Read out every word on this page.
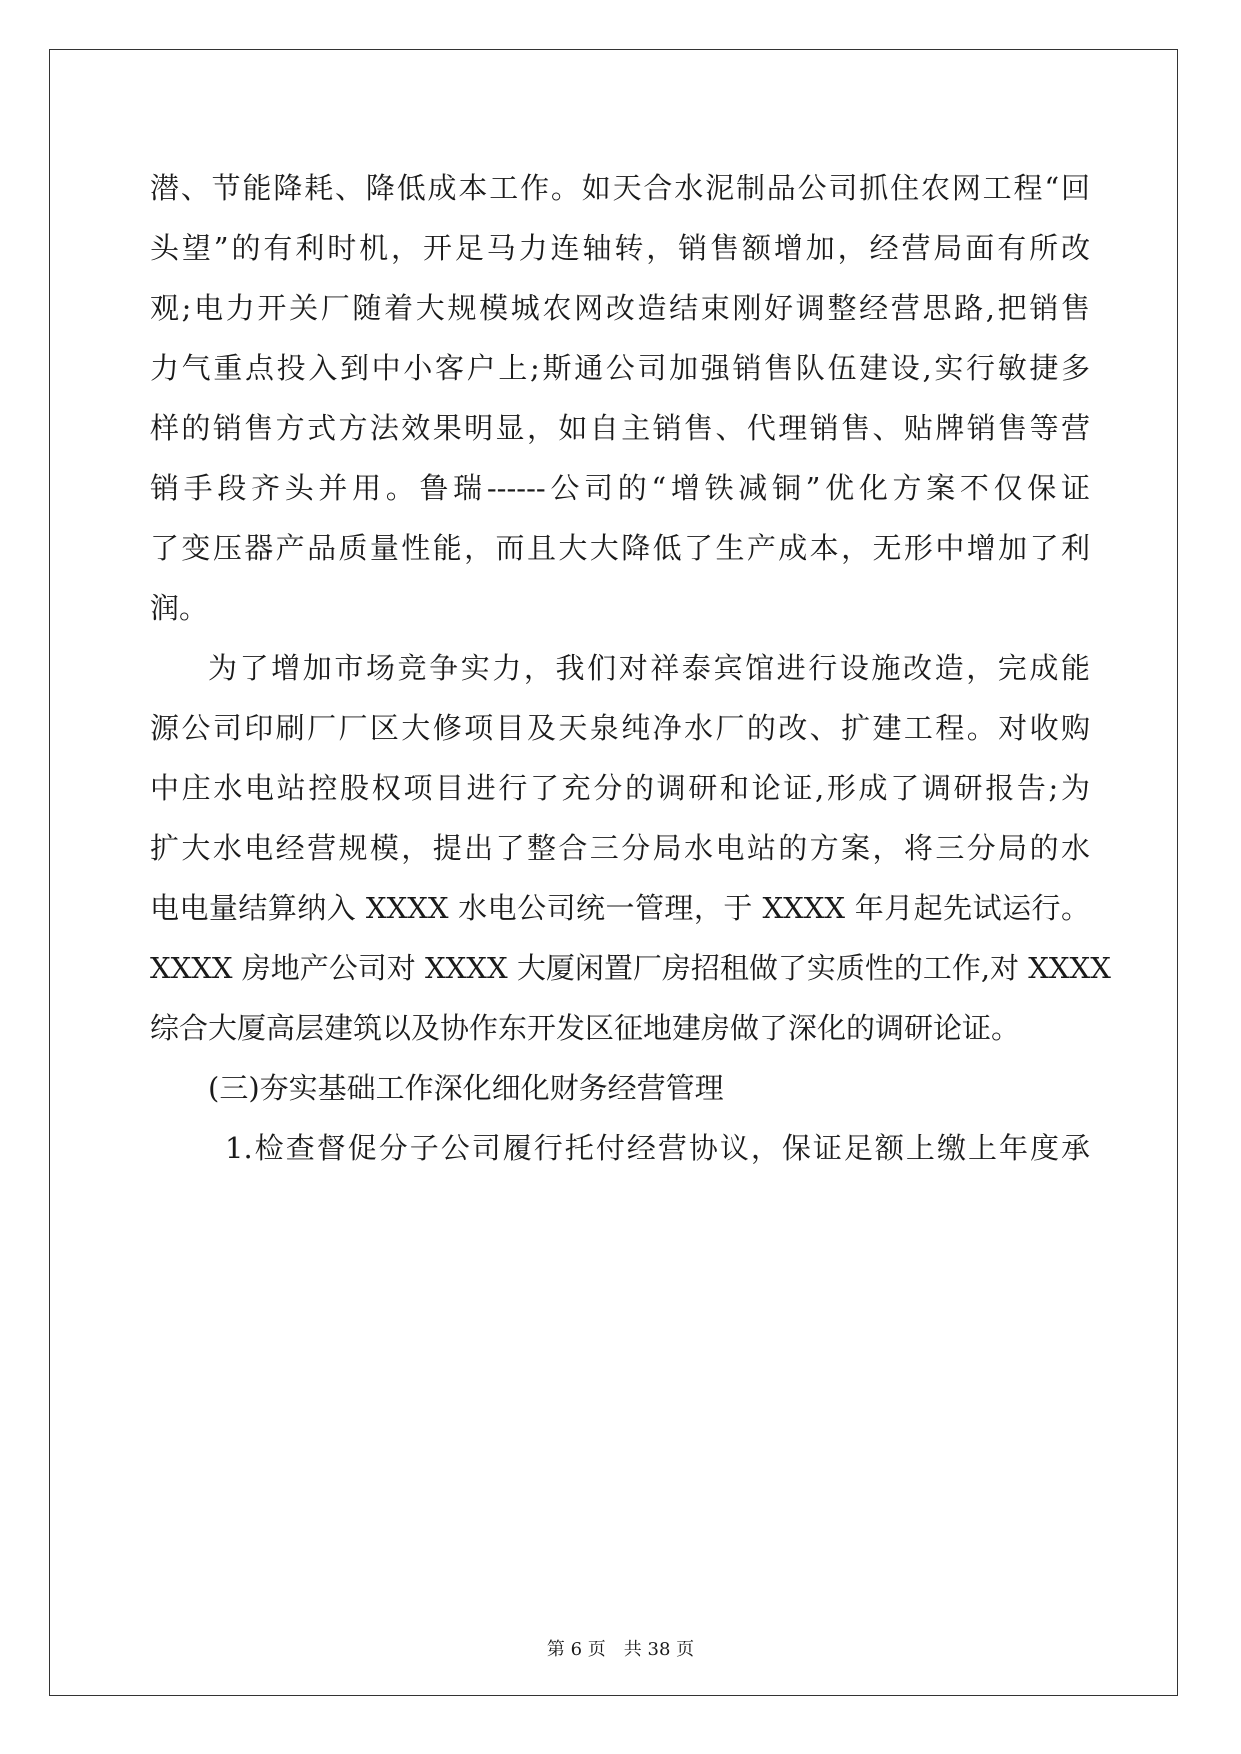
潜、节能降耗、降低成本工作。如天合水泥制品公司抓住农网工程“回
头望”的有利时机，开足马力连轴转，销售额增加，经营局面有所改
观;电力开关厂随着大规模城农网改造结束刚好调整经营思路,把销售
力气重点投入到中小客户上;斯通公司加强销售队伍建设,实行敏捷多
样的销售方式方法效果明显，如自主销售、代理销售、贴牌销售等营
销手段齐头并用。鲁瑞------公司的“增铁减铜”优化方案不仅保证
了变压器产品质量性能，而且大大降低了生产成本，无形中增加了利
润。
为了增加市场竞争实力，我们对祥泰宾馆进行设施改造，完成能
源公司印刷厂厂区大修项目及天泉纯净水厂的改、扩建工程。对收购
中庄水电站控股权项目进行了充分的调研和论证,形成了调研报告;为
扩大水电经营规模，提出了整合三分局水电站的方案，将三分局的水
电电量结算纳入 XXXX 水电公司统一管理，于 XXXX 年月起先试运行。
XXXX 房地产公司对 XXXX 大厦闲置厂房招租做了实质性的工作,对 XXXX
综合大厦高层建筑以及协作东开发区征地建房做了深化的调研论证。
(三)夯实基础工作深化细化财务经营管理
1.检查督促分子公司履行托付经营协议，保证足额上缴上年度承
第 6 页 共 38 页
